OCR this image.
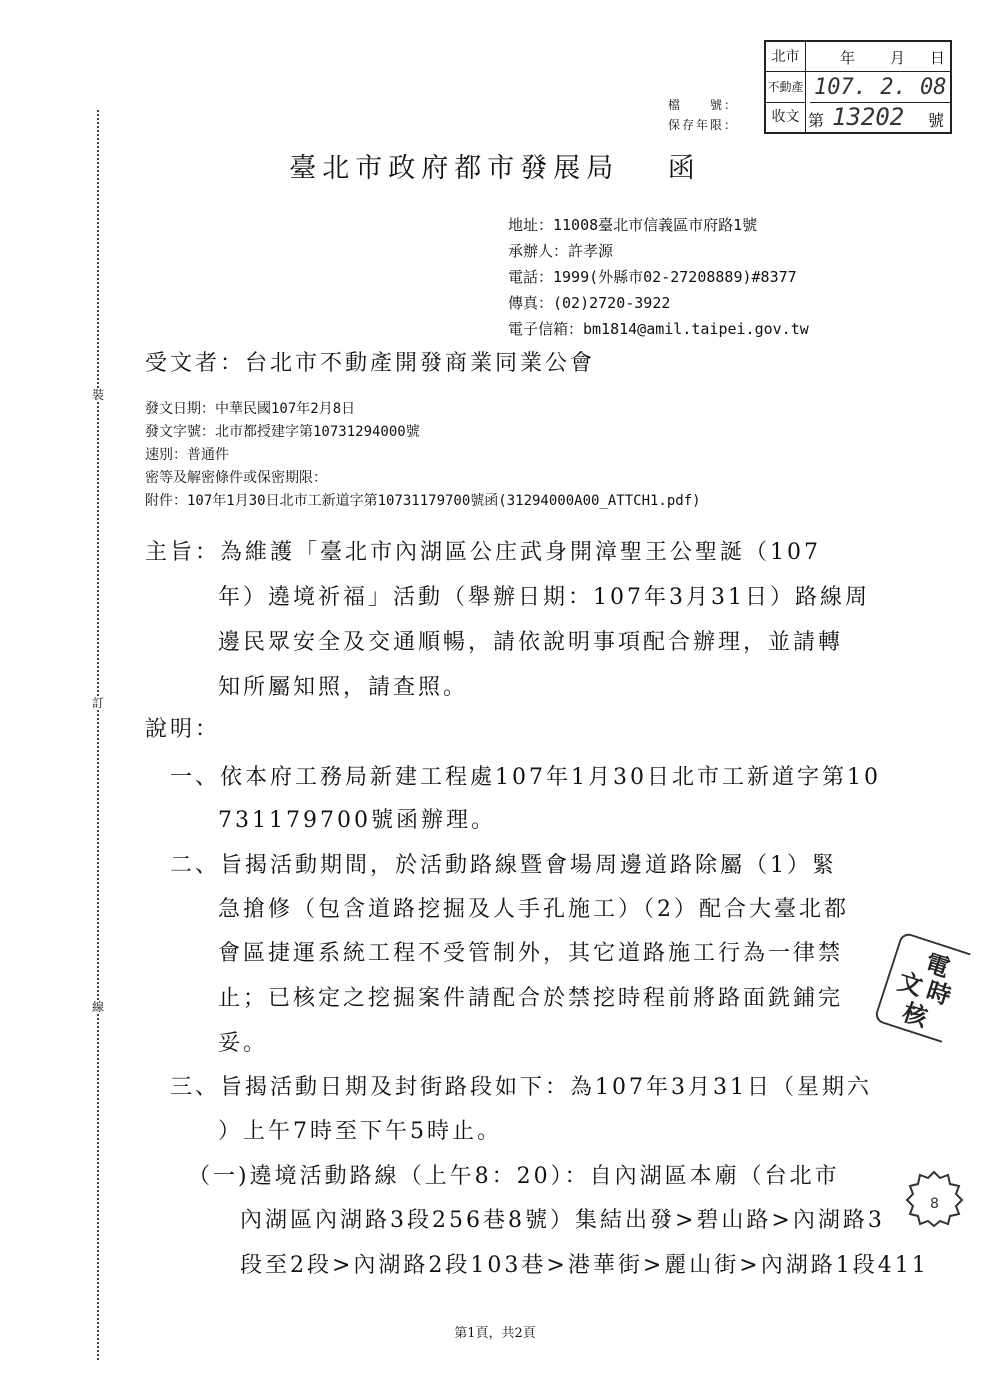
裝
訂
線
北市
不動產
收文
年 月 日
107. 2. 08
第 13202 號
檔　　號：
保存年限：
臺北市政府都市發展局 函
地址：11008臺北市信義區市府路1號
承辦人：許孝源
電話：1999(外縣市02-27208889)#8377
傳真：(02)2720-3922
電子信箱：bm1814@amil.taipei.gov.tw
受文者：台北市不動產開發商業同業公會
發文日期：中華民國107年2月8日
發文字號：北市都授建字第10731294000號
速別：普通件
密等及解密條件或保密期限：
附件：107年1月30日北市工新道字第10731179700號函(31294000A00_ATTCH1.pdf)
主旨：為維護「臺北市內湖區公庄武身開漳聖王公聖誕（107
年）遶境祈福」活動（舉辦日期：107年3月31日）路線周
邊民眾安全及交通順暢，請依說明事項配合辦理，並請轉
知所屬知照，請查照。
說明：
一、依本府工務局新建工程處107年1月30日北市工新道字第10
731179700號函辦理。
二、旨揭活動期間，於活動路線暨會場周邊道路除屬（1）緊
急搶修（包含道路挖掘及人手孔施工）（2）配合大臺北都
會區捷運系統工程不受管制外，其它道路施工行為一律禁
止；已核定之挖掘案件請配合於禁挖時程前將路面銑鋪完
妥。
三、旨揭活動日期及封街路段如下：為107年3月31日（星期六
）上午7時至下午5時止。
（一)遶境活動路線（上午8：20）：自內湖區本廟（台北市
內湖區內湖路3段256巷8號）集結出發>碧山路>內湖路3
段至2段>內湖路2段103巷>港華街>麗山街>內湖路1段411
電
文
時
核
8
第1頁，共2頁
